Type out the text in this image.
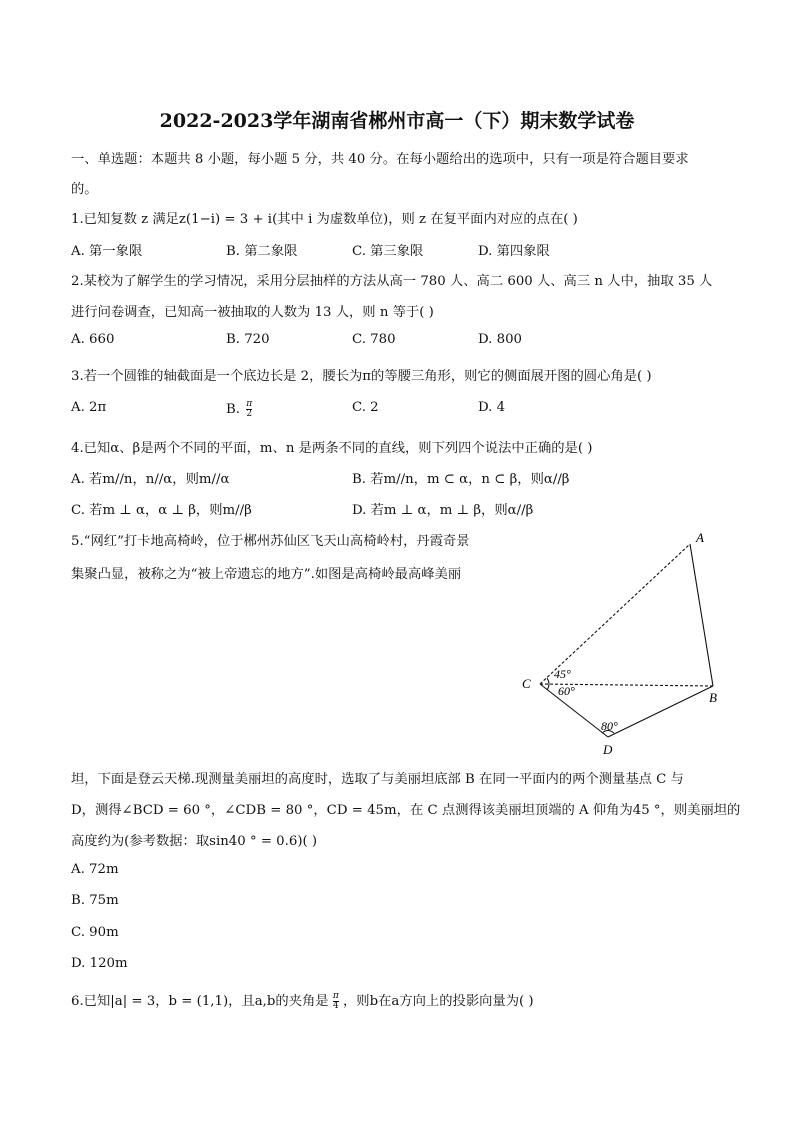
2022-2023学年湖南省郴州市高一（下）期末数学试卷
一、单选题：本题共 8 小题，每小题 5 分，共 40 分。在每小题给出的选项中，只有一项是符合题目要求
的。
1.已知复数 z 满足z(1−i) = 3 + i(其中 i 为虚数单位)，则 z 在复平面内对应的点在( )
A. 第一象限	B. 第二象限	C. 第三象限	D. 第四象限
2.某校为了解学生的学习情况，采用分层抽样的方法从高一 780 人、高二 600 人、高三 n 人中，抽取 35 人
进行问卷调查，已知高一被抽取的人数为 13 人，则 n 等于( )
A. 660	B. 720	C. 780	D. 800
3.若一个圆锥的轴截面是一个底边长是 2，腰长为π的等腰三角形，则它的侧面展开图的圆心角是( )
A. 2π	B. $\frac{\pi}{2}$	C. 2	D. 4
4.已知α、β是两个不同的平面，m、n 是两条不同的直线，则下列四个说法中正确的是( )
A. 若m//n，n//α，则m//α	B. 若m//n，m ⊂ α，n ⊂ β，则α//β
C. 若m ⊥ α，α ⊥ β，则m//β	D. 若m ⊥ α，m ⊥ β，则α//β
5.“网红”打卡地高椅岭，位于郴州苏仙区飞天山高椅岭村，丹霞奇景
集聚凸显，被称之为“被上帝遗忘的地方”.如图是高椅岭最高峰美丽
A
B
C
D
45°
60°
80°
坦，下面是登云天梯.现测量美丽坦的高度时，选取了与美丽坦底部 B 在同一平面内的两个测量基点 C 与
D，测得∠BCD = 60 °，∠CDB = 80 °，CD = 45m，在 C 点测得该美丽坦顶端的 A 仰角为45 °，则美丽坦的
高度约为(参考数据：取sin40 ° = 0.6)( )
A. 72m
B. 75m
C. 90m
D. 120m
6.已知|a| = 3，b = (1,1)，且a,b的夹角是 $\frac{\pi}{4}$ ，则b在a方向上的投影向量为( )
